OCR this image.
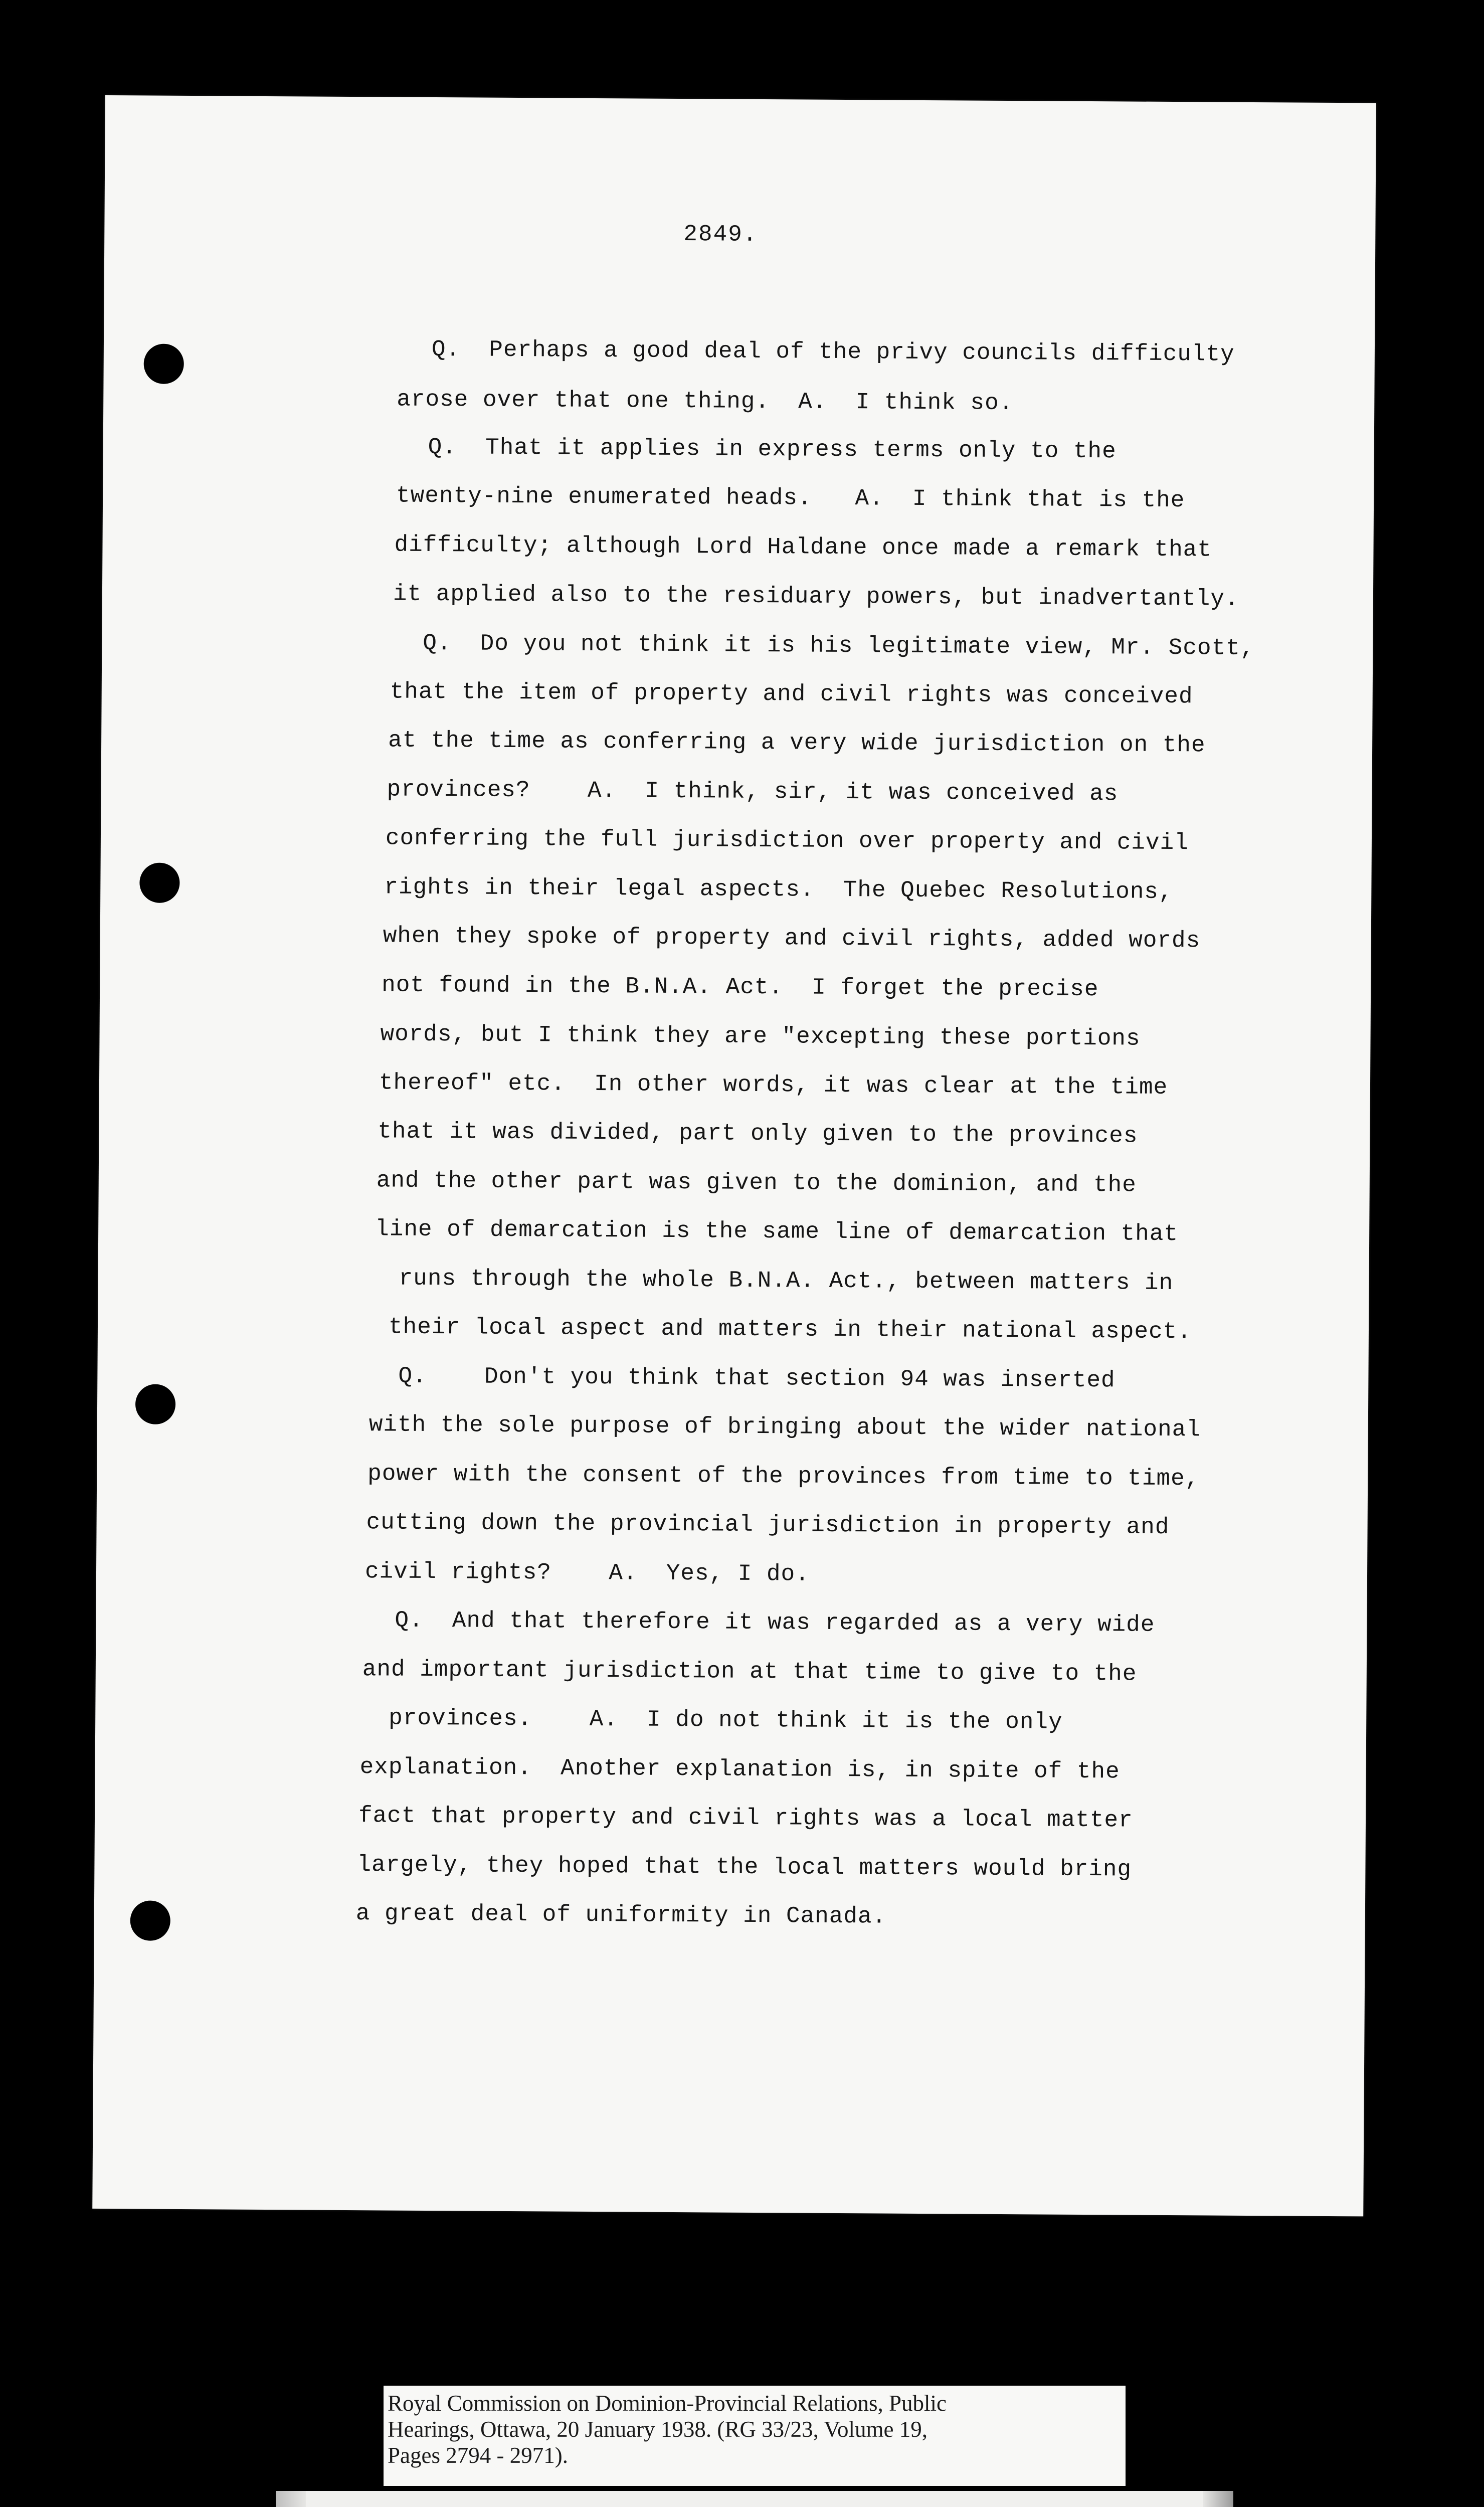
2849.
Q.  Perhaps a good deal of the privy councils difficulty
arose over that one thing.  A.  I think so.
Q.  That it applies in express terms only to the
twenty-nine enumerated heads.   A.  I think that is the
difficulty; although Lord Haldane once made a remark that
it applied also to the residuary powers, but inadvertantly.
Q.  Do you not think it is his legitimate view, Mr. Scott,
that the item of property and civil rights was conceived
at the time as conferring a very wide jurisdiction on the
provinces?    A.  I think, sir, it was conceived as
conferring the full jurisdiction over property and civil
rights in their legal aspects.  The Quebec Resolutions,
when they spoke of property and civil rights, added words
not found in the B.N.A. Act.  I forget the precise
words, but I think they are "excepting these portions
thereof" etc.  In other words, it was clear at the time
that it was divided, part only given to the provinces
and the other part was given to the dominion, and the
line of demarcation is the same line of demarcation that
runs through the whole B.N.A. Act., between matters in
their local aspect and matters in their national aspect.
Q.    Don't you think that section 94 was inserted
with the sole purpose of bringing about the wider national
power with the consent of the provinces from time to time,
cutting down the provincial jurisdiction in property and
civil rights?    A.  Yes, I do.
Q.  And that therefore it was regarded as a very wide
and important jurisdiction at that time to give to the
provinces.    A.  I do not think it is the only
explanation.  Another explanation is, in spite of the
fact that property and civil rights was a local matter
largely, they hoped that the local matters would bring
a great deal of uniformity in Canada.
Royal Commission on Dominion-Provincial Relations, Public
Hearings, Ottawa, 20 January 1938. (RG 33/23, Volume 19,
Pages 2794 - 2971).
